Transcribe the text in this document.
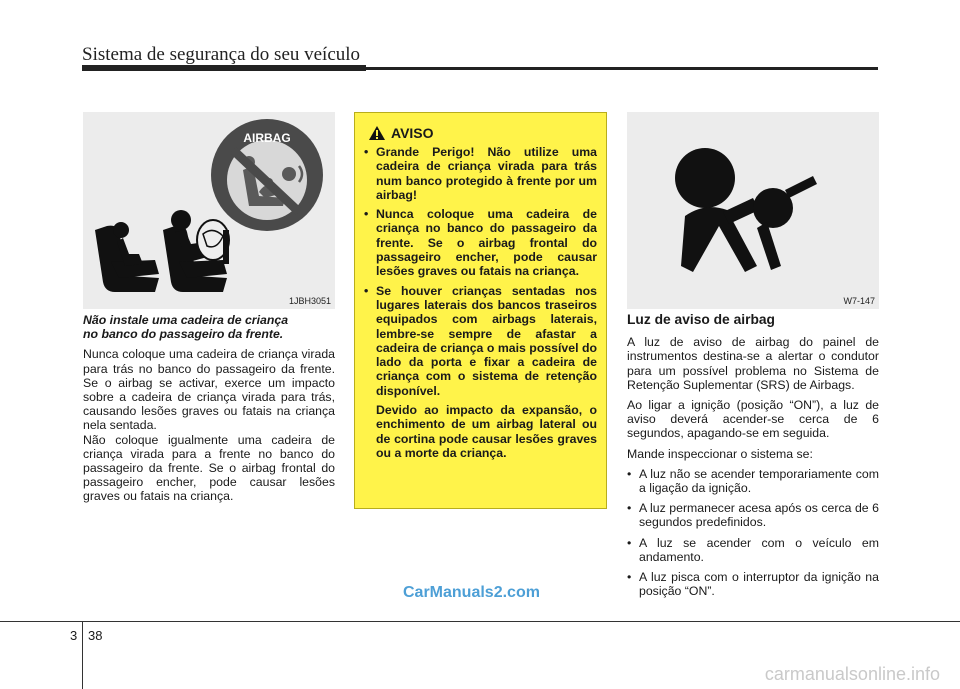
Sistema de segurança do seu veículo
AIRBAG
1JBH3051
Não instale uma cadeira de criança
no banco do passageiro da frente.

Nunca coloque uma cadeira de criança virada para trás no banco do passageiro da frente. Se o airbag se activar, exerce um impacto sobre a cadeira de criança virada para trás, causando lesões graves ou fatais na criança nela sentada.

Não coloque igualmente uma cadeira de criança virada para a frente no banco do passageiro da frente. Se o airbag frontal do passageiro encher, pode causar lesões graves ou fatais na criança.

AVISO
• Grande Perigo! Não utilize uma cadeira de criança virada para trás num banco protegido à frente por um airbag!
• Nunca coloque uma cadeira de criança no banco do passageiro da frente. Se o airbag frontal do passageiro encher, pode causar lesões graves ou fatais na criança.
• Se houver crianças sentadas nos lugares laterais dos bancos traseiros equipados com airbags laterais, lembre-se sempre de afastar a cadeira de criança o mais possível do lado da porta e fixar a cadeira de criança com o sistema de retenção disponível.
Devido ao impacto da expansão, o enchimento de um airbag lateral ou de cortina pode causar lesões graves ou a morte da criança.
W7-147
Luz de aviso de airbag

A luz de aviso de airbag do painel de instrumentos destina-se a alertar o condutor para um possível problema no Sistema de Retenção Suplementar (SRS) de Airbags.

Ao ligar a ignição (posição “ON”), a luz de aviso deverá acender-se cerca de 6 segundos, apagando-se em seguida.

Mande inspeccionar o sistema se:

• A luz não se acender temporariamente com a ligação da ignição.
• A luz permanecer acesa após os cerca de 6 segundos predefinidos.
• A luz se acender com o veículo em andamento.
• A luz pisca com o interruptor da ignição na posição “ON”.
CarManuals2.com
3 38
carmanualsonline.info
